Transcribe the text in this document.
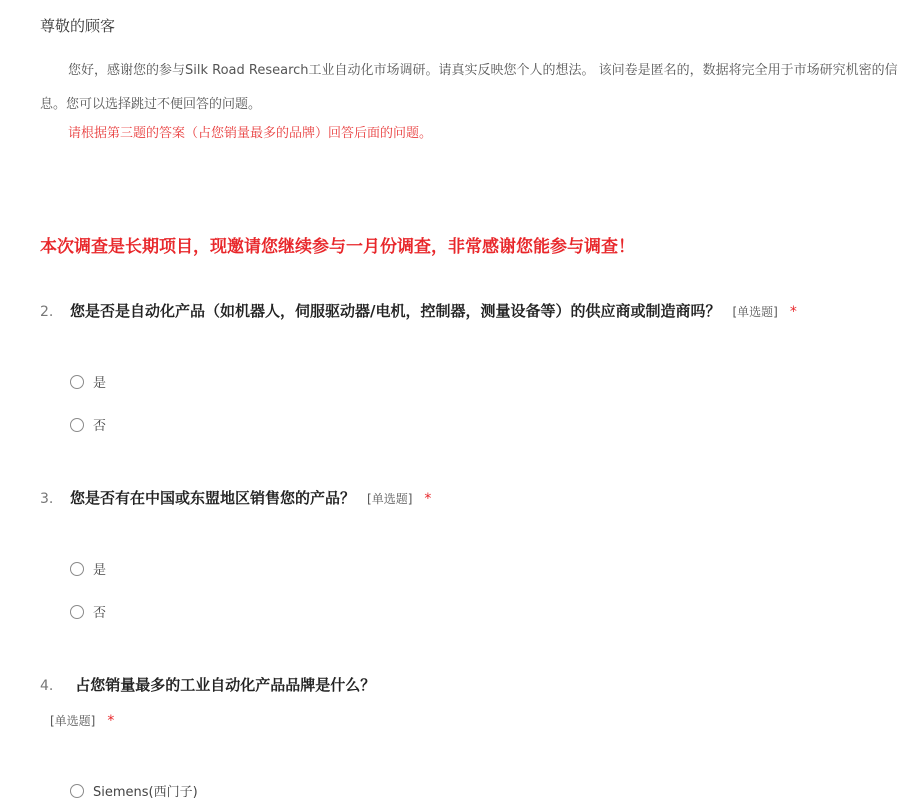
尊敬的顾客
您好，感谢您的参与Silk Road Research工业自动化市场调研。请真实反映您个人的想法。 该问卷是匿名的，数据将完全用于市场研究机密的信息。您可以选择跳过不便回答的问题。
请根据第三题的答案（占您销量最多的品牌）回答后面的问题。
本次调查是长期项目，现邀请您继续参与一月份调查，非常感谢您能参与调查！
2. 您是否是自动化产品（如机器人，伺服驱动器/电机，控制器，测量设备等）的供应商或制造商吗？ [单选题] *
是
否
3. 您是否有在中国或东盟地区销售您的产品？ [单选题] *
是
否
4. 占您销量最多的工业自动化产品品牌是什么？
[单选题] *
Siemens(西门子)
